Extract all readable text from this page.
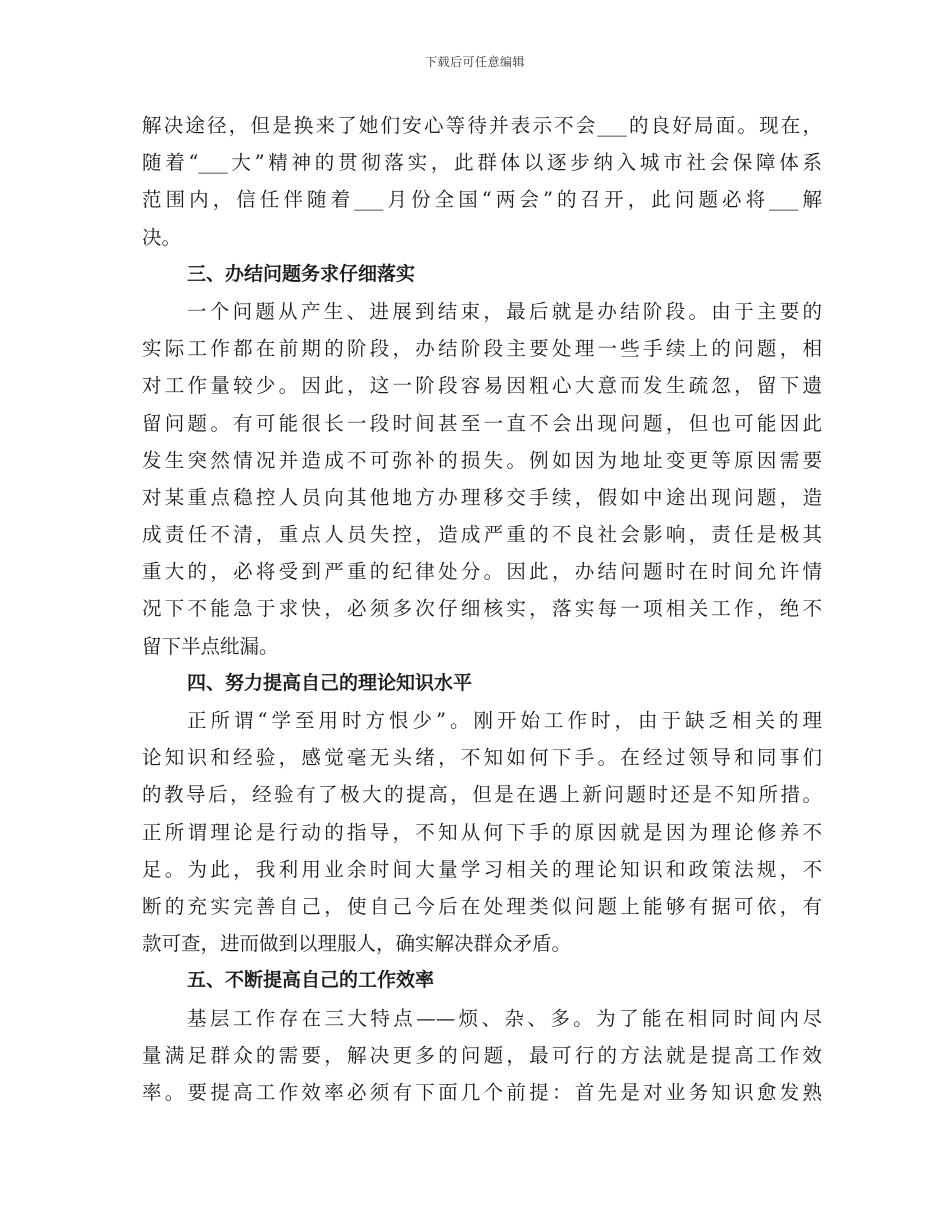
下载后可任意编辑
解决途径，但是换来了她们安心等待并表示不会___的良好局面。现在，
随着“___大”精神的贯彻落实，此群体以逐步纳入城市社会保障体系
范围内，信任伴随着___月份全国“两会”的召开，此问题必将___解
决。
三、办结问题务求仔细落实
一个问题从产生、进展到结束，最后就是办结阶段。由于主要的
实际工作都在前期的阶段，办结阶段主要处理一些手续上的问题，相
对工作量较少。因此，这一阶段容易因粗心大意而发生疏忽，留下遗
留问题。有可能很长一段时间甚至一直不会出现问题，但也可能因此
发生突然情况并造成不可弥补的损失。例如因为地址变更等原因需要
对某重点稳控人员向其他地方办理移交手续，假如中途出现问题，造
成责任不清，重点人员失控，造成严重的不良社会影响，责任是极其
重大的，必将受到严重的纪律处分。因此，办结问题时在时间允许情
况下不能急于求快，必须多次仔细核实，落实每一项相关工作，绝不
留下半点纰漏。
四、努力提高自己的理论知识水平
正所谓“学至用时方恨少”。刚开始工作时，由于缺乏相关的理
论知识和经验，感觉毫无头绪，不知如何下手。在经过领导和同事们
的教导后，经验有了极大的提高，但是在遇上新问题时还是不知所措。
正所谓理论是行动的指导，不知从何下手的原因就是因为理论修养不
足。为此，我利用业余时间大量学习相关的理论知识和政策法规，不
断的充实完善自己，使自己今后在处理类似问题上能够有据可依，有
款可查，进而做到以理服人，确实解决群众矛盾。
五、不断提高自己的工作效率
基层工作存在三大特点——烦、杂、多。为了能在相同时间内尽
量满足群众的需要，解决更多的问题，最可行的方法就是提高工作效
率。要提高工作效率必须有下面几个前提：首先是对业务知识愈发熟
